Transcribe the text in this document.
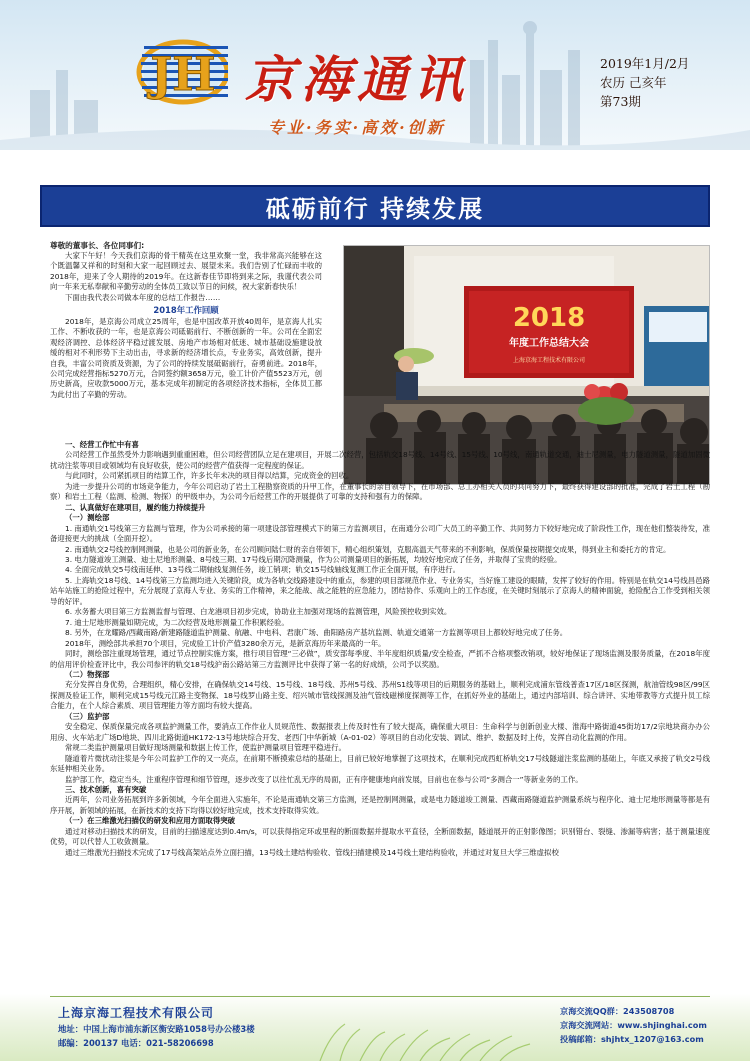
JH 京海通讯
专业·务实·高效·创新
2019年1月/2月
农历 己亥年
第73期
砥砺前行 持续发展
尊敬的董事长、各位同事们:

大家下午好！今天我们京海的骨干精英在这里欢聚一堂，我非常高兴能够在这个既温馨又祥和的时刻和大家一起回顾过去、展望未来。我们告别了忙碌而丰收的2018年，迎来了令人期待的2019年。在这新春佳节即将到来之际，我谨代表公司向一年来无私奉献和辛勤劳动的全体员工致以节日的问候，祝大家新春快乐！

下面由我代表公司做本年度的总结工作报告……

2018年工作回顾

2018年，是京海公司成立25周年，也是中国改革开放40周年，是京海人扎实工作、不断收获的一年，也是京海公司砥砺前行、不断创新的一年。公司在全面宏观经济调控、总体经济平稳过渡发展、房地产市场相对低迷、城市基础设施建设放缓的相对不利形势下主动出击，寻求新的经济增长点，专业务实，高效创新，提升自我，丰富公司资质及资源，为了公司的持续发展砥砺前行，奋勇前进。2018年，公司完成经营指标5270万元，合同签约额3658万元，验工计价产值5523万元，创历史新高，应收款5000万元，基本完成年初制定的各项经济技术指标，全体员工都为此付出了辛勤的劳动。

2018
年度工作总结大会
上海京海工程技术有限公司
一、经营工作忙中有喜

公司经营工作虽然受外力影响遇到重重困难，但公司经营团队立足在建项目，开展二次经营，包括轨交18号线、14号线、15号线、10号线，南通轨道交通，迪士尼测量，电力隧道测量，隧道加固微扰动注浆等项目或领域均有良好收获，使公司的经营产值获得一定程度的保证。

与此同时，公司紧抓项目的结算工作，许多长年未决的项目得以结算，完成资金的回收。

为进一步提升公司的市场竞争能力，今年公司启动了岩土工程勘察资质的升甲工作，在董事长的亲自领导下，在市场部、总工办相关人员的共同努力下，最终获得建设部的批准，完成了岩土工程（勘察）和岩土工程（监测、检测、物探）的甲级申办，为公司今后经营工作的开展提供了可靠的支持和强有力的保障。

二、认真做好在建项目，履约能力持续提升
（一）测绘部

1. 南通轨交1号线第三方监测与管理，作为公司承接的第一项建设部管理模式下的第三方监测项目，在南通分公司广大员工的辛勤工作、共同努力下较好地完成了阶段性工作，现在他们整装待发，准备迎接更大的挑战（全面开挖）。

2. 南通轨交2号线控制网测量，也是公司的新业务，在公司顾问陆仁财的亲自带领下，精心组织策划，克服高温天气带来的不利影响，保质保量按期提交成果，得到业主和委托方的肯定。

3. 电力隧道竣工测量、迪士尼地形测量、8号线三期、17号线后期沉降测量，作为公司测量项目的新拓展，均较好地完成了任务，并取得了宝贵的经验。

4. 全面完成轨交5号线南延伸、13号线二期轴线复测任务，竣工销项；轨交15号线轴线复测工作正全面开展，有序进行。

5. 上海轨交18号线、14号线第三方监测均进入关键阶段，成为各轨交线路建设中的重点，参建的项目部规范作业、专业务实，当好施工建设的眼睛，发挥了较好的作用。特别是在轨交14号线昌邑路站车站施工的抢险过程中，充分展现了京海人专业、务实的工作精神，来之能战、战之能胜的应急能力，团结协作、乐观向上的工作态度，在关键时刻展示了京海人的精神面貌，抢险配合工作受到相关领导的好评。

6. 水务蓄大项目第三方监测监督与管理、白龙港项目初步完成，协助业主加强对现场的监测管理，风险预控收到实效。

7. 迪士尼地形测量如期完成，为二次经营及地形测量工作积累经验。

8. 另外，在龙耀路/西藏南路/新建路隧道监护测量、航融、中电科、君康广场、曲阳路房产基坑监测、轨道交通第一方监测等项目上都较好地完成了任务。

2018年，测绘部共承担70个项目，完成验工计价产值3280余万元，是新京海历年来最高的一年。

同时，测绘部注重现场管理，通过节点控制实施方案，推行项目管理“三必做”，质安部每季度、半年度组织质量/安全检查，严抓不合格项整改销项，较好地保证了现场监测及服务质量，在2018年度的信用评价检查评比中，我公司参评的轨交18号线沪南公路站第三方监测评比中获得了第一名的好成绩，公司予以奖励。

（二）物探部

充分发挥自身优势，合理组织，精心安排，在确保轨交14号线、15号线、18号线、苏州5号线、苏州S1线等项目的后期服务的基础上，顺利完成浦东管线普查17区/18区探测，航油管线98区/99区探测及验证工作，顺利完成15号线元江路主变物探、18号线罗山路主变、绍兴城市管线探测及油气管线磁梯度探测等工作，在抓好外业的基础上，通过内部培训、综合讲评、实地带教等方式提升员工综合能力，在个人综合素质、项目管理能力等方面均有较大提高。

（三）监护部

安全稳定、保质保量完成各项监护测量工作，要消点工作作业人员规范性、数据报表上传及时性有了较大提高，确保重大项目：生命科学与创新创业大楼、淮海中路街道45街坊17/2宗地块商办办公用房、火车站北广场D地块、四川北路街道HK172-13号地块综合开发、老西门中华新城（A-01-02）等项目的自动化安装、调试、维护、数据及时上传，发挥自动化监测的作用。

常规二类监护测量项目做好现场测量和数据上传工作，使监护测量项目管理平稳进行。

隧道着片微扰动注浆是今年公司监护工作的又一亮点，在前期不断摸索总结的基础上，目前已较好地掌握了这项技术，在顺利完成西虹桥轨交17号线隧道注浆监测的基础上，年底又承接了轨交2号线东延伸相关业务。

监护部工作，稳定当头，注重程序管理和细节管理，逐步改变了以往忙乱无序的局面，正有序健康地向前发展，目前也在参与公司“多测合一”等新业务的工作。

三、技术创新，喜有突破

近两年，公司业务拓展到许多新领域，今年全面进入实施年，不论是南通轨交第三方监测，还是控制网测量，或是电力隧道竣工测量、西藏南路隧道监护测量系统与程序化、迪士尼地形测量等都是有序开展，新领域的拓展，在新技术的支持下均得以较好地完成，技术支持取得实效。

（一）在三维激光扫描仪的研发和应用方面取得突破

通过对移动扫描技术的研发，目前的扫描速度达到0.4m/s，可以获得指定环或里程的断面数据并提取水平直径，全断面数据，隧道展开的正射影像图；识别错台、裂缝、渗漏等病害；基于测量速度优势，可以代替人工收敛测量。

通过三维激光扫描技术完成了17号线高架站点外立面扫描，13号线土建结构验收、管线扫描建模及14号线土建结构验收，并通过对复旦大学三维虚拟校

上海京海工程技术有限公司
地址：中国上海市浦东新区衡安路1058号办公楼3楼
邮编：200137 电话：021-58206698
京海交流QQ群：243508708
京海交流网站：www.shjinghai.com
投稿邮箱：shjhtx_1207@163.com
